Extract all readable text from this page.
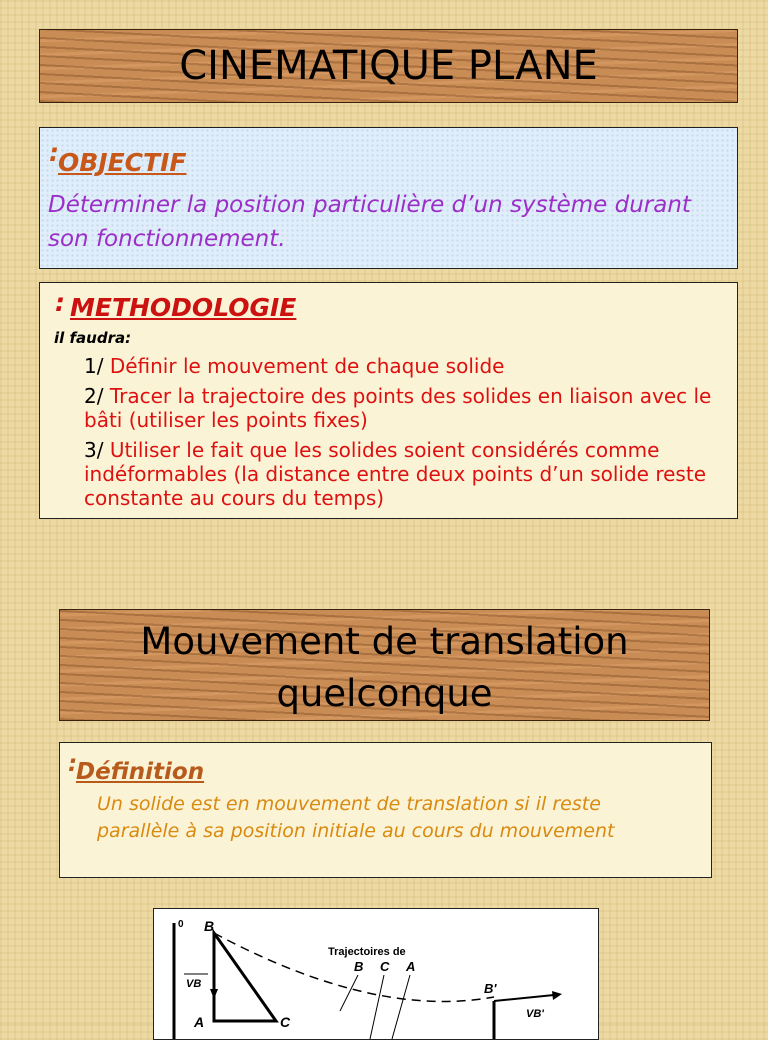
CINEMATIQUE PLANE
OBJECTIF
:
Déterminer la position particulière d’un système durant son fonctionnement.
METHODOLOGIE
:
il faudra:
1/ Définir le mouvement de chaque solide
2/ Tracer la trajectoire des points des solides en liaison avec le bâti (utiliser les points fixes)
3/ Utiliser le fait que les solides soient considérés comme indéformables (la distance entre deux points d’un solide reste constante au cours du temps)
Mouvement de translation quelconque
Définition
:
Un solide est en mouvement de translation si il reste parallèle à sa position initiale au cours du mouvement
0 B
C
A
VB
Trajectoires de
B C A
B'
VB'
